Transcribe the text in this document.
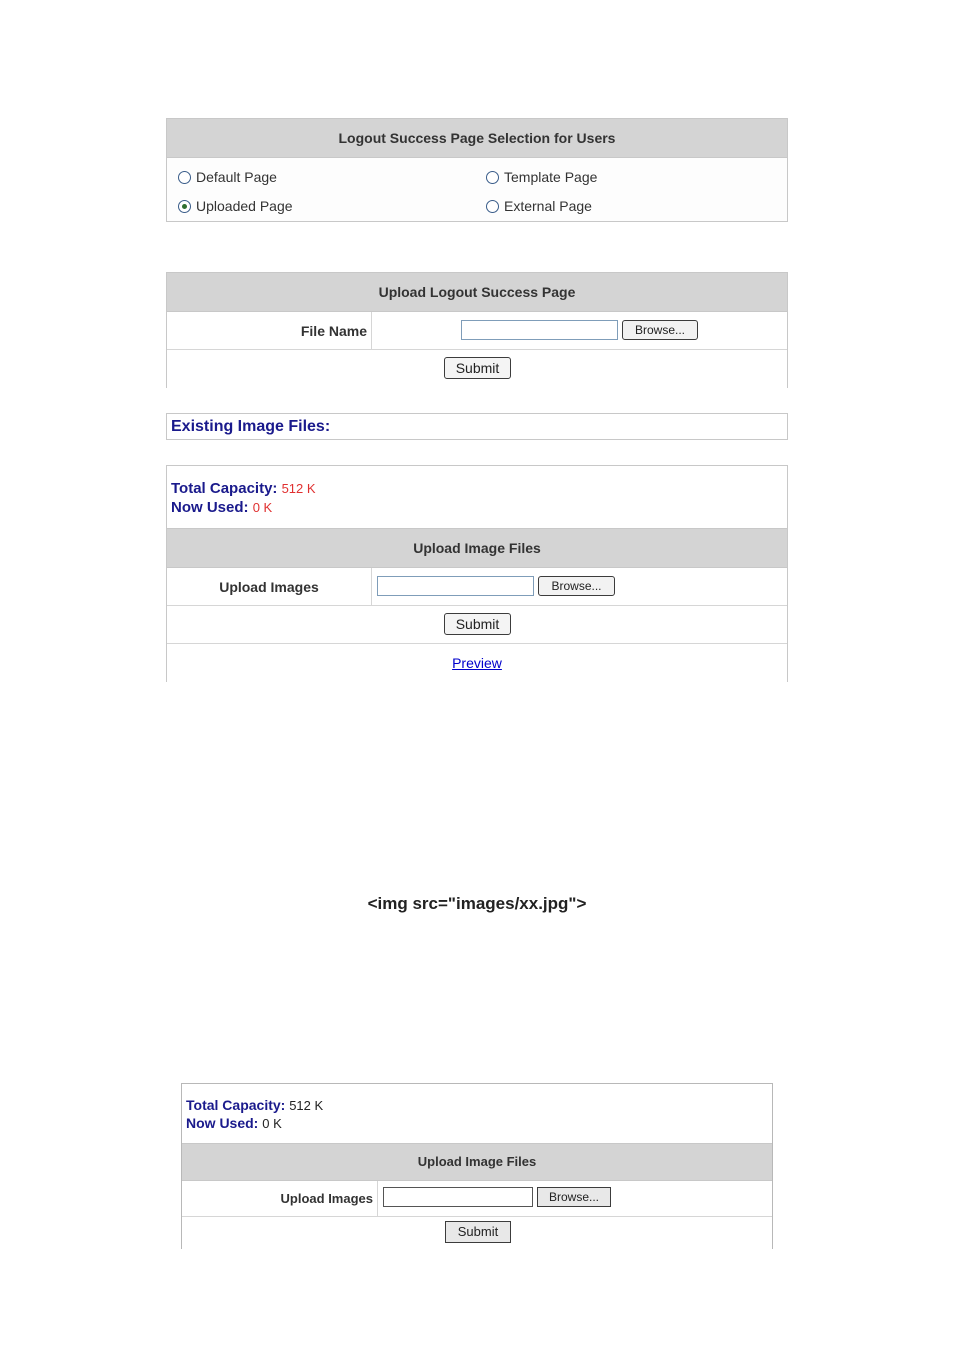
Logout Success Page Selection for Users
Default Page	Template Page
Uploaded Page	External Page
Upload Logout Success Page
File Name	Browse...
Submit
Existing Image Files:
Total Capacity: 512 K
Now Used: 0 K
Upload Image Files
Upload Images	Browse...
Submit
Preview
<img src="images/xx.jpg">
Total Capacity: 512 K
Now Used: 0 K
Upload Image Files
Upload Images	Browse...
Submit
